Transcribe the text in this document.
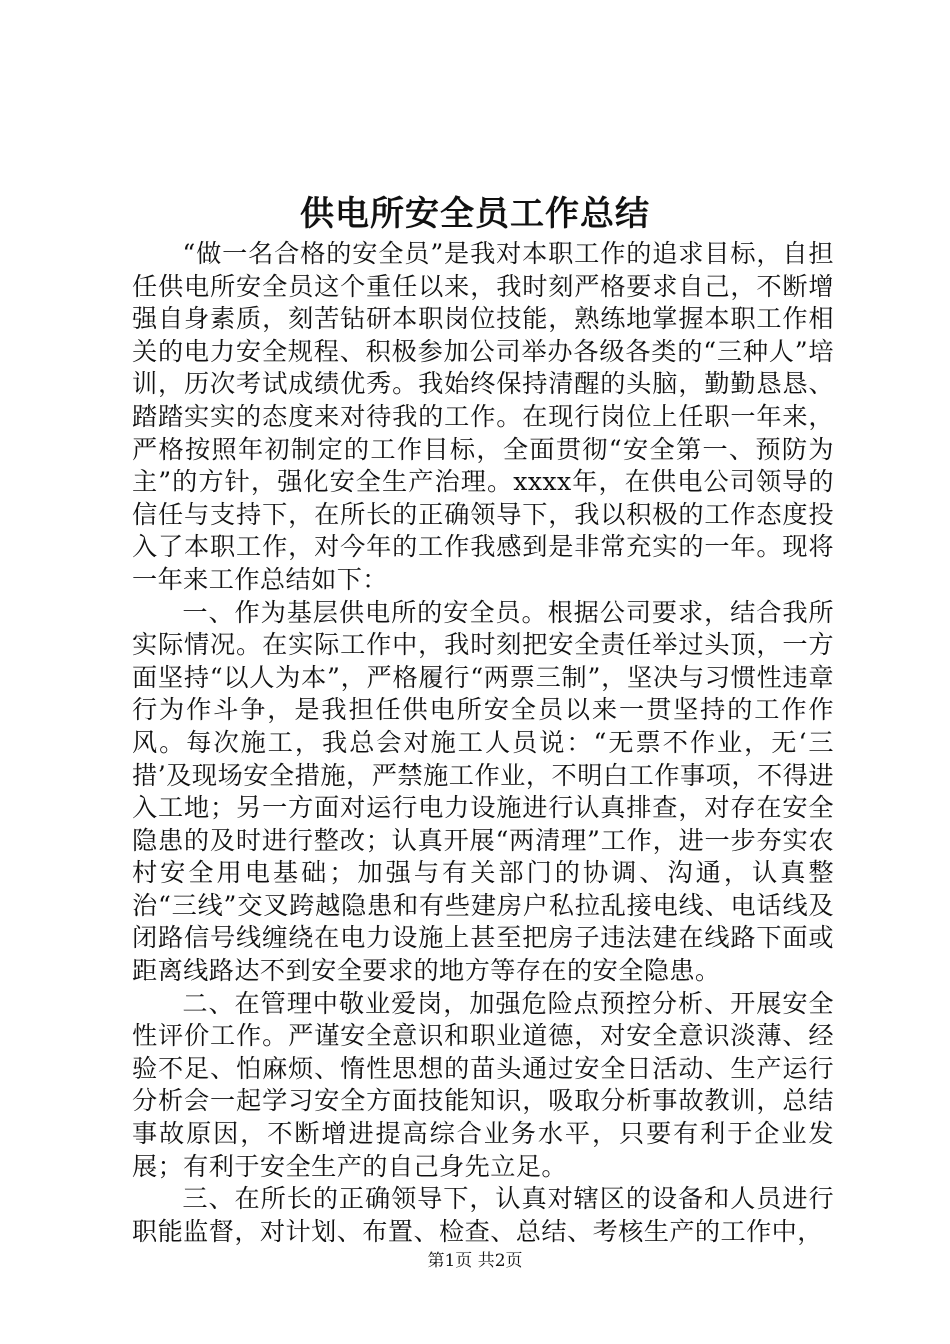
供电所安全员工作总结

“做一名合格的安全员”是我对本职工作的追求目标，自担任供电所安全员这个重任以来，我时刻严格要求自己，不断增强自身素质，刻苦钻研本职岗位技能，熟练地掌握本职工作相关的电力安全规程、积极参加公司举办各级各类的“三种人”培训，历次考试成绩优秀。我始终保持清醒的头脑，勤勤恳恳、踏踏实实的态度来对待我的工作。在现行岗位上任职一年来，严格按照年初制定的工作目标，全面贯彻“安全第一、预防为主”的方针，强化安全生产治理。xxxx年，在供电公司领导的信任与支持下，在所长的正确领导下，我以积极的工作态度投入了本职工作，对今年的工作我感到是非常充实的一年。现将一年来工作总结如下：

一、作为基层供电所的安全员。根据公司要求，结合我所实际情况。在实际工作中，我时刻把安全责任举过头顶，一方面坚持“以人为本”，严格履行“两票三制”，坚决与习惯性违章行为作斗争，是我担任供电所安全员以来一贯坚持的工作作风。每次施工，我总会对施工人员说：“无票不作业，无‘三措’及现场安全措施，严禁施工作业，不明白工作事项，不得进入工地；另一方面对运行电力设施进行认真排查，对存在安全隐患的及时进行整改；认真开展“两清理”工作，进一步夯实农村安全用电基础；加强与有关部门的协调、沟通，认真整治“三线”交叉跨越隐患和有些建房户私拉乱接电线、电话线及闭路信号线缠绕在电力设施上甚至把房子违法建在线路下面或距离线路达不到安全要求的地方等存在的安全隐患。

二、在管理中敬业爱岗，加强危险点预控分析、开展安全性评价工作。严谨安全意识和职业道德，对安全意识淡薄、经验不足、怕麻烦、惰性思想的苗头通过安全日活动、生产运行分析会一起学习安全方面技能知识，吸取分析事故教训，总结事故原因，不断增进提高综合业务水平，只要有利于企业发展；有利于安全生产的自己身先立足。

三、在所长的正确领导下，认真对辖区的设备和人员进行职能监督，对计划、布置、检查、总结、考核生产的工作中，

第1页 共2页
